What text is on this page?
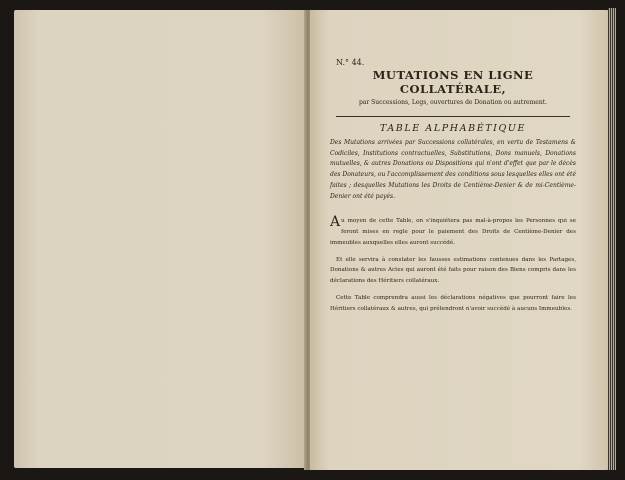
N.° 44.
MUTATIONS EN LIGNE COLLATÉRALE,
par Successions, Legs, ouvertures de Donation ou autrement.
TABLE ALPHABÉTIQUE
Des Mutations arrivées par Successions collatérales, en vertu de Testamens & Codiciles, Institutions contractuelles, Substitutions, Dons manuels, Donations mutuelles, & autres Donations ou Dispositions qui n'ont d'effet que par le décès des Donateurs, ou l'accomplissement des conditions sous lesquelles elles ont été faites ; desquelles Mutations les Droits de Centième-Denier & de mi-Centième-Denier ont été payés.
Au moyen de cette Table, on s'inquiétera pas mal-à-propos les Personnes qui se feront mises en regle pour le paiement des Droits de Centième-Denier des immeubles auxquelles elles auront succédé.
Et elle servira à constater les fausses estimations contenues dans les Partages, Donations & autres Actes qui auront été faits pour raison des Biens compris dans les déclarations des Héritiers collatéraux.
Cette Table comprendra aussi les déclarations négatives que pourront faire les Héritiers collatéraux & autres, qui prétendront n'avoir succédé à aucuns Immeubles.
